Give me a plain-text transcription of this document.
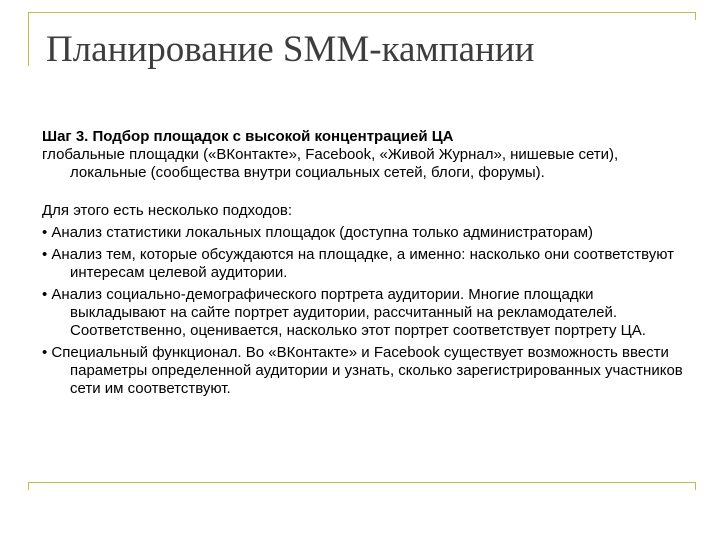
Планирование SMM-кампании

Шаг 3. Подбор площадок с высокой концентрацией ЦА

глобальные площадки («ВКонтакте», Facebook, «Живой Журнал», нишевые сети), локальные (сообщества внутри социальных сетей, блоги, форумы).

Для этого есть несколько подходов:

• Анализ статистики локальных площадок (доступна только администраторам)

• Анализ тем, которые обсуждаются на площадке, а именно: насколько они соответствуют интересам целевой аудитории.

• Анализ социально-демографического портрета аудитории. Многие площадки выкладывают на сайте портрет аудитории, рассчитанный на рекламодателей. Соответственно, оценивается, насколько этот портрет соответствует портрету ЦА.

• Специальный функционал. Во «ВКонтакте» и Facebook существует возможность ввести параметры определенной аудитории и узнать, сколько зарегистрированных участников сети им соответствуют.
